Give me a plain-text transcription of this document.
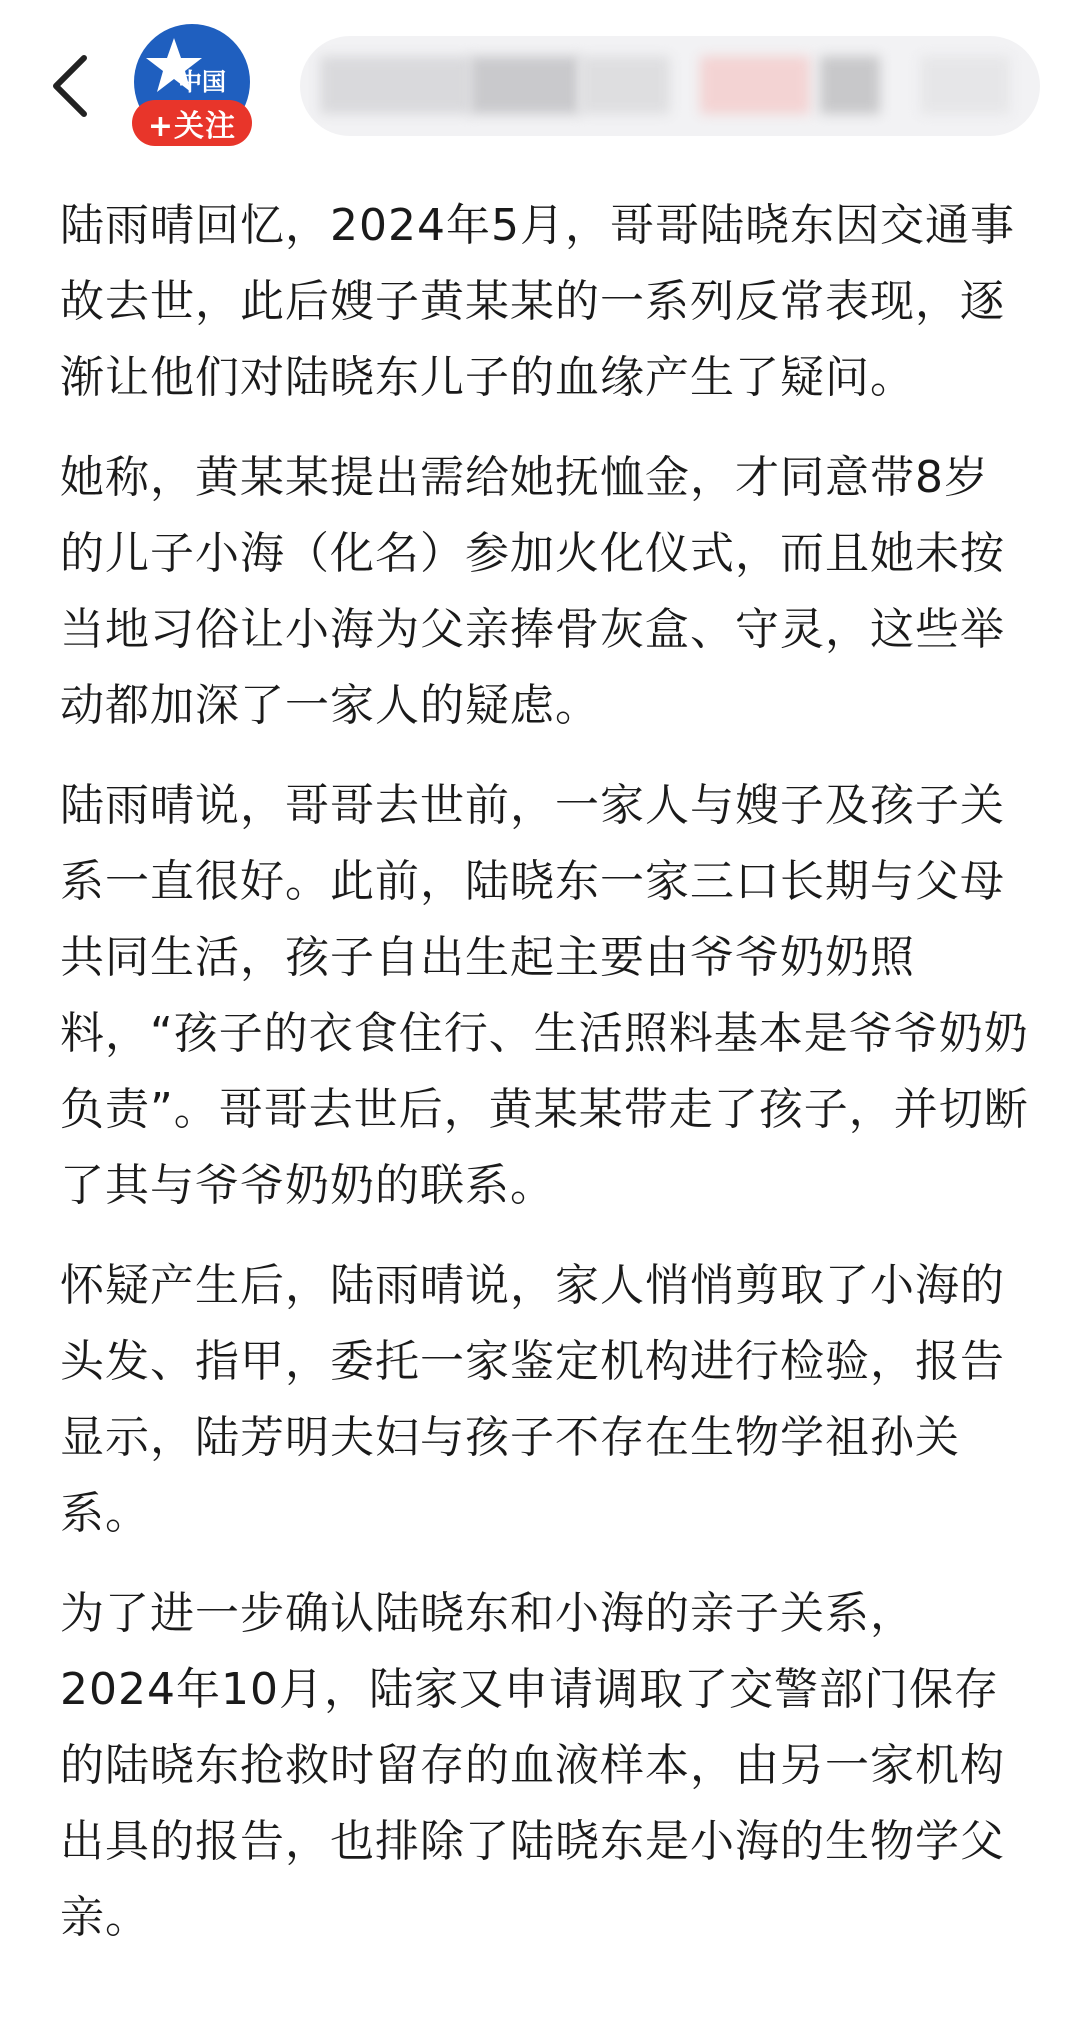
中国
+关注

陆雨晴回忆，2024年5月，哥哥陆晓东因交通事故去世，此后嫂子黄某某的一系列反常表现，逐渐让他们对陆晓东儿子的血缘产生了疑问。

她称，黄某某提出需给她抚恤金，才同意带8岁的儿子小海（化名）参加火化仪式，而且她未按当地习俗让小海为父亲捧骨灰盒、守灵，这些举动都加深了一家人的疑虑。

陆雨晴说，哥哥去世前，一家人与嫂子及孩子关系一直很好。此前，陆晓东一家三口长期与父母共同生活，孩子自出生起主要由爷爷奶奶照料，“孩子的衣食住行、生活照料基本是爷爷奶奶负责”。哥哥去世后，黄某某带走了孩子，并切断了其与爷爷奶奶的联系。

怀疑产生后，陆雨晴说，家人悄悄剪取了小海的头发、指甲，委托一家鉴定机构进行检验，报告显示，陆芳明夫妇与孩子不存在生物学祖孙关系。

为了进一步确认陆晓东和小海的亲子关系，2024年10月，陆家又申请调取了交警部门保存的陆晓东抢救时留存的血液样本，由另一家机构出具的报告，也排除了陆晓东是小海的生物学父亲。
